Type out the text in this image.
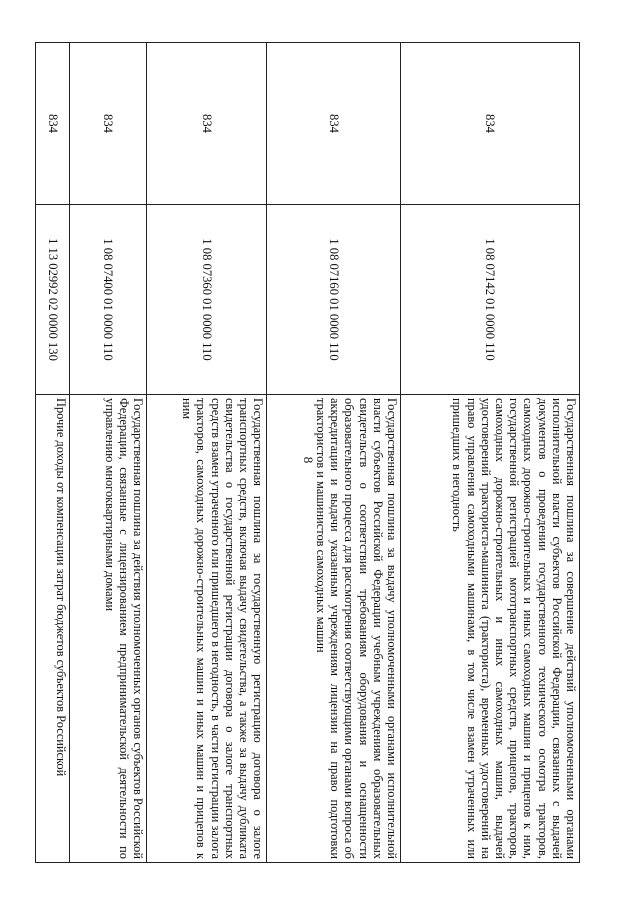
8
834	1 08 07142 01 0000 110	Государственная пошлина за совершение действий уполномоченными органами исполнительной власти субъектов Российской Федерации, связанных с выдачей документов о проведении государственного технического осмотра тракторов, самоходных дорожно-строительных и иных самоходных машин и прицепов к ним, государственной регистрацией мототранспортных средств, прицепов, тракторов, самоходных дорожно-строительных и иных самоходных машин, выдачей удостоверений тракториста-машиниста (тракториста), временных удостоверений на право управления самоходными машинами, в том числе взамен утраченных или пришедших в негодность
834	1 08 07160 01 0000 110	Государственная пошлина за выдачу уполномоченными органами исполнительной власти субъектов Российской Федерации учебным учреждениям образовательных свидетельств о соответствии требованиям оборудования и оснащенности образовательного процесса для рассмотрения соответствующими органами вопроса об аккредитации и выдачи указанным учреждениям лицензии на право подготовки трактористов и машинистов самоходных машин
834	1 08 07360 01 0000 110	Государственная пошлина за государственную регистрацию договора о залоге транспортных средств, включая выдачу свидетельства, а также за выдачу дубликата свидетельства о государственной регистрации договора о залоге транспортных средств взамен утраченного или пришедшего в негодность, в части регистрации залога тракторов, самоходных дорожно-строительных машин и иных машин и прицепов к ним
834	1 08 07400 01 0000 110	Государственная пошлина за действия уполномоченных органов субъектов Российской Федерации, связанные с лицензированием предпринимательской деятельности по управлению многоквартирными домами
834	1 13 02992 02 0000 130	Прочие доходы от компенсации затрат бюджетов субъектов Российской
